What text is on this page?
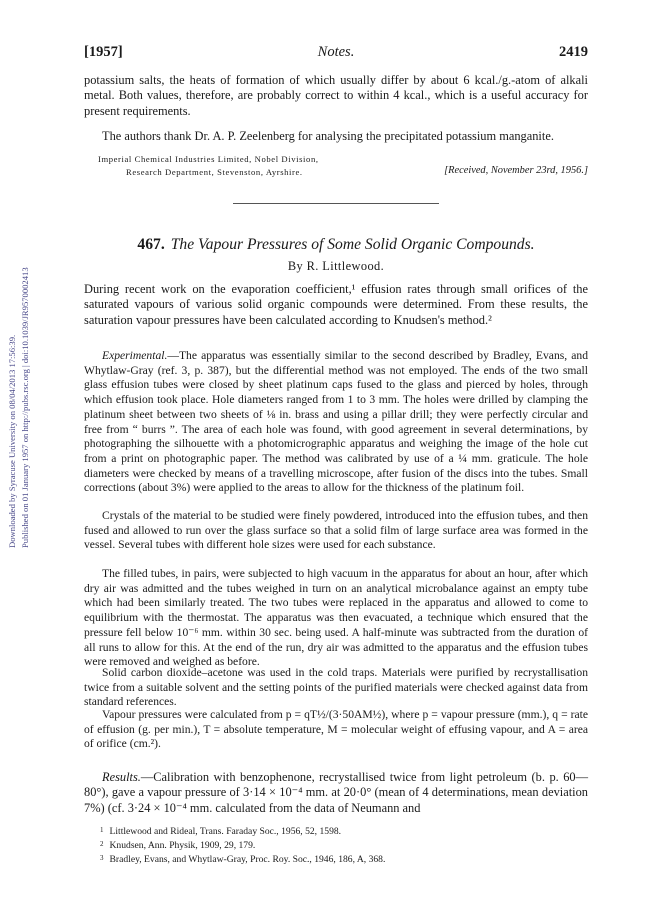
Downloaded by Syracuse University on 08/04/2013 17:56:39. Published on 01 January 1957 on http://pubs.rsc.org | doi:10.1039/JR9570002413
[1957]	Notes.	2419

potassium salts, the heats of formation of which usually differ by about 6 kcal./g.-atom of alkali metal. Both values, therefore, are probably correct to within 4 kcal., which is a useful accuracy for present requirements.

The authors thank Dr. A. P. Zeelenberg for analysing the precipitated potassium manganite.

Imperial Chemical Industries Limited, Nobel Division,
Research Department, Stevenston, Ayrshire.	[Received, November 23rd, 1956.]
467. The Vapour Pressures of Some Solid Organic Compounds.
By R. Littlewood.

During recent work on the evaporation coefficient,¹ effusion rates through small orifices of the saturated vapours of various solid organic compounds were determined. From these results, the saturation vapour pressures have been calculated according to Knudsen's method.²

Experimental.—The apparatus was essentially similar to the second described by Bradley, Evans, and Whytlaw-Gray (ref. 3, p. 387), but the differential method was not employed. The ends of the two small glass effusion tubes were closed by sheet platinum caps fused to the glass and pierced by holes, through which effusion took place. Hole diameters ranged from 1 to 3 mm. The holes were drilled by clamping the platinum sheet between two sheets of ⅛ in. brass and using a pillar drill; they were perfectly circular and free from “ burrs ”. The area of each hole was found, with good agreement in several determinations, by photographing the silhouette with a photomicrographic apparatus and weighing the image of the hole cut from a print on photographic paper. The method was calibrated by use of a ¼ mm. graticule. The hole diameters were checked by means of a travelling microscope, after fusion of the discs into the tubes. Small corrections (about 3%) were applied to the areas to allow for the thickness of the platinum foil.

Crystals of the material to be studied were finely powdered, introduced into the effusion tubes, and then fused and allowed to run over the glass surface so that a solid film of large surface area was formed in the vessel. Several tubes with different hole sizes were used for each substance.

The filled tubes, in pairs, were subjected to high vacuum in the apparatus for about an hour, after which dry air was admitted and the tubes weighed in turn on an analytical microbalance against an empty tube which had been similarly treated. The two tubes were replaced in the apparatus and allowed to come to equilibrium with the thermostat. The apparatus was then evacuated, a technique which ensured that the pressure fell below 10⁻⁶ mm. within 30 sec. being used. A half-minute was subtracted from the duration of all runs to allow for this. At the end of the run, dry air was admitted to the apparatus and the effusion tubes were removed and weighed as before.

Solid carbon dioxide–acetone was used in the cold traps. Materials were purified by recrystallisation twice from a suitable solvent and the setting points of the purified materials were checked against data from standard references.

Vapour pressures were calculated from p = qT½/(3·50AM½), where p = vapour pressure (mm.), q = rate of effusion (g. per min.), T = absolute temperature, M = molecular weight of effusing vapour, and A = area of orifice (cm.²).

Results.—Calibration with benzophenone, recrystallised twice from light petroleum (b. p. 60—80°), gave a vapour pressure of 3·14 × 10⁻⁴ mm. at 20·0° (mean of 4 determinations, mean deviation 7%) (cf. 3·24 × 10⁻⁴ mm. calculated from the data of Neumann and

$^1$ Littlewood and Rideal, Trans. Faraday Soc., 1956, 52, 1598.
$^2$ Knudsen, Ann. Physik, 1909, 29, 179.
$^3$ Bradley, Evans, and Whytlaw-Gray, Proc. Roy. Soc., 1946, 186, A, 368.
